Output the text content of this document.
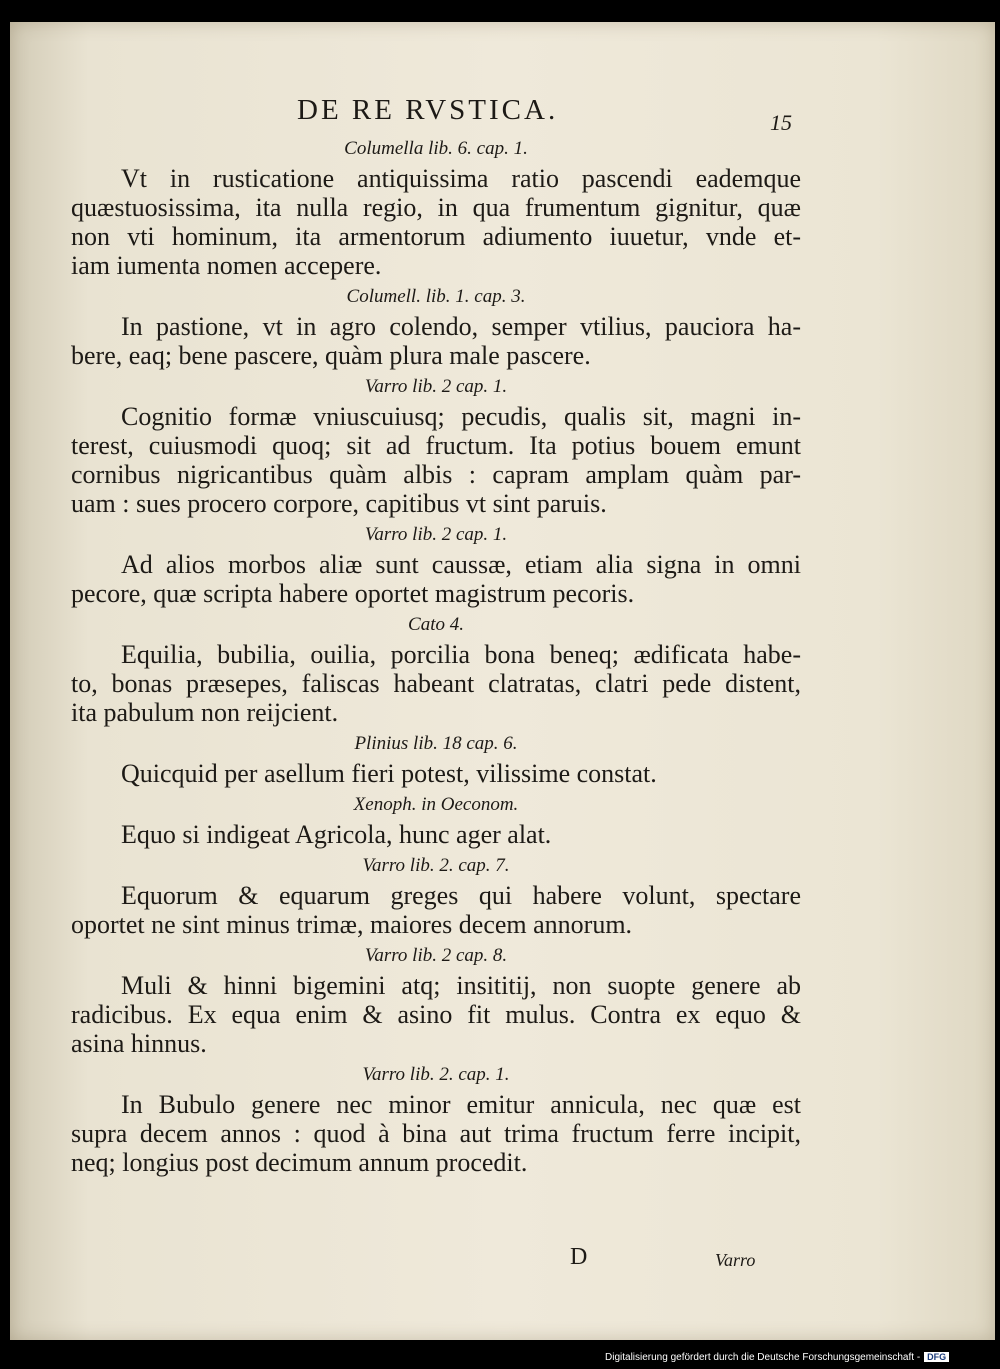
DE RE RVSTICA.	15
Columella lib. 6. cap. 1.
Vt in rusticatione antiquissima ratio pascendi eademque
quæstuosissima, ita nulla regio, in qua frumentum gignitur, quæ
non vti hominum, ita armentorum adiumento iuuetur, vnde et-
iam iumenta nomen accepere.
Columell. lib. 1. cap. 3.
In pastione, vt in agro colendo, semper vtilius, pauciora ha-
bere, eaq; bene pascere, quàm plura male pascere.
Varro lib. 2 cap. 1.
Cognitio formæ vniuscuiusq; pecudis, qualis sit, magni in-
terest, cuiusmodi quoq; sit ad fructum. Ita potius bouem emunt
cornibus nigricantibus quàm albis : capram amplam quàm par-
uam : sues procero corpore, capitibus vt sint paruis.
Varro lib. 2 cap. 1.
Ad alios morbos aliæ sunt caussæ, etiam alia signa in omni
pecore, quæ scripta habere oportet magistrum pecoris.
Cato 4.
Equilia, bubilia, ouilia, porcilia bona beneq; ædificata habe-
to, bonas præsepes, faliscas habeant clatratas, clatri pede distent,
ita pabulum non reijcient.
Plinius lib. 18 cap. 6.
Quicquid per asellum fieri potest, vilissime constat.
Xenoph. in Oeconom.
Equo si indigeat Agricola, hunc ager alat.
Varro lib. 2. cap. 7.
Equorum & equarum greges qui habere volunt, spectare
oportet ne sint minus trimæ, maiores decem annorum.
Varro lib. 2 cap. 8.
Muli & hinni bigemini atq; insititij, non suopte genere ab
radicibus. Ex equa enim & asino fit mulus. Contra ex equo &
asina hinnus.
Varro lib. 2. cap. 1.
In Bubulo genere nec minor emitur annicula, nec quæ est
supra decem annos : quod à bina aut trima fructum ferre incipit,
neq; longius post decimum annum procedit.
D	Varro
Digitalisierung gefördert durch die Deutsche Forschungsgemeinschaft - DFG
